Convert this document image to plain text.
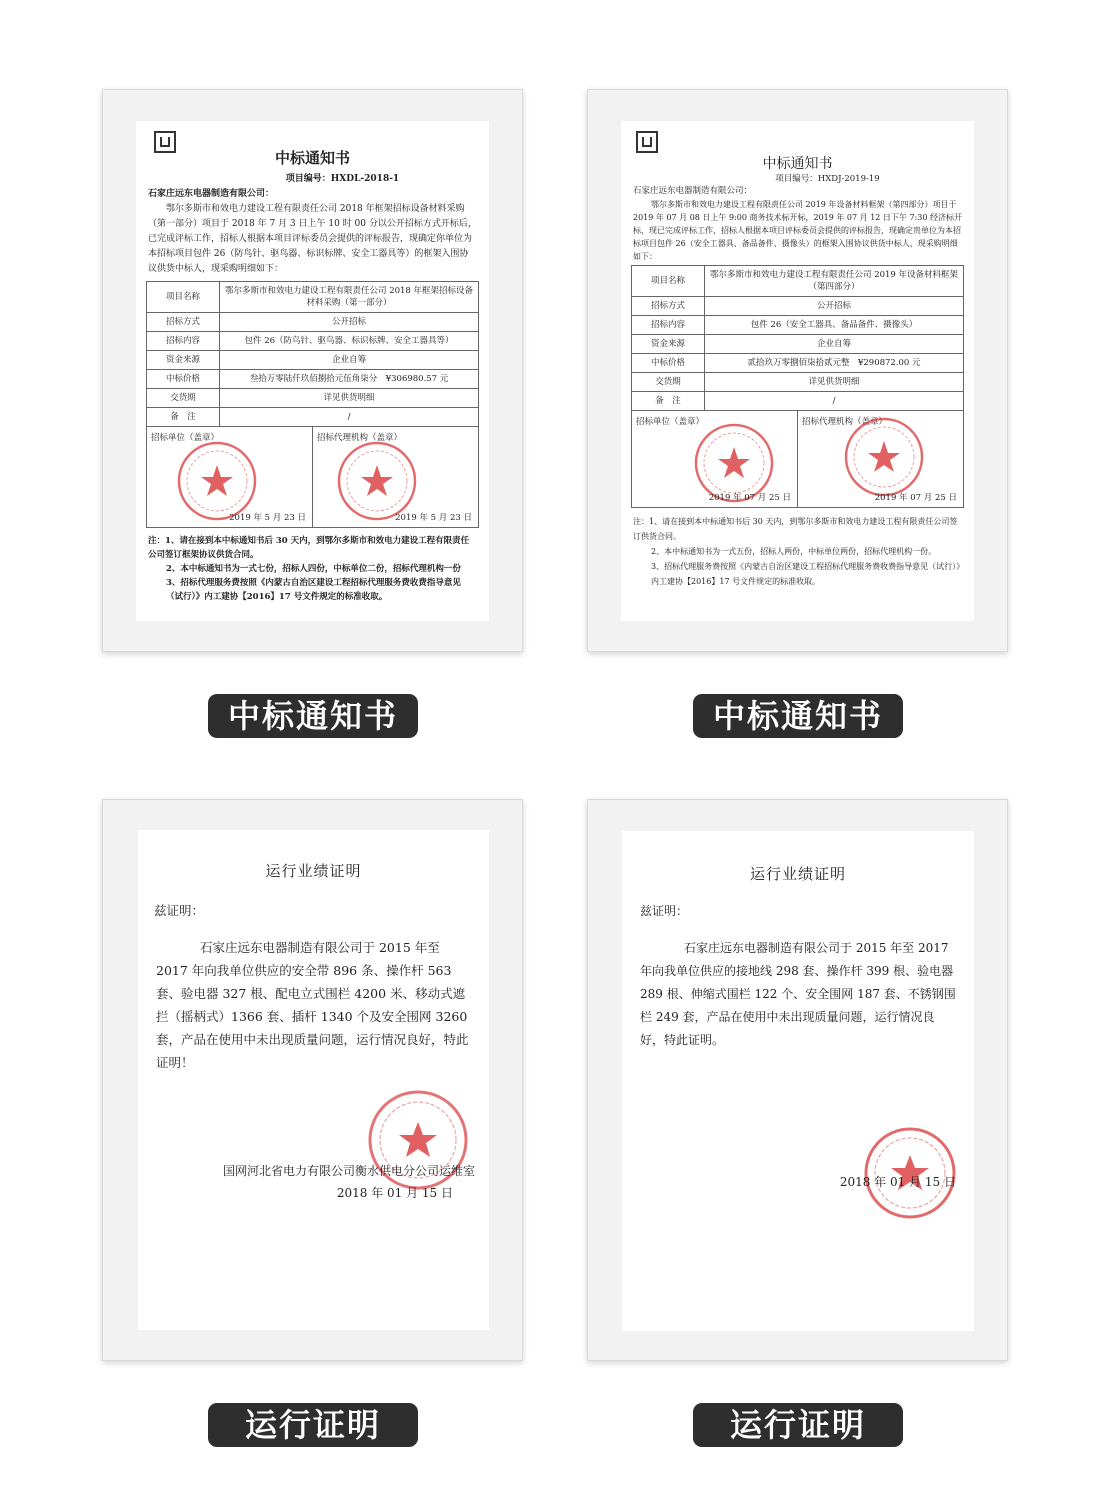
中标通知书
项目编号：HXDL-2018-1
石家庄远东电器制造有限公司：
鄂尔多斯市和效电力建设工程有限责任公司 2018 年框架招标设备材料采购（第一部分）项目于 2018 年 7 月 3 日上午 10 时 00 分以公开招标方式开标后，已完成评标工作，招标人根据本项目评标委员会提供的评标报告，现确定你单位为本招标项目包件 26（防鸟针、驱鸟器、标识标牌、安全工器具等）的框架入围协议供货中标人，现采购明细如下：
项目名称	鄂尔多斯市和效电力建设工程有限责任公司 2018 年框架招标设备材料采购（第一部分）
招标方式	公开招标
招标内容	包件 26（防鸟针、驱鸟器、标识标牌、安全工器具等）
资金来源	企业自筹
中标价格	叁拾万零陆仟玖佰捌拾元伍角柒分　¥306980.57 元
交货期	详见供货明细
备　注	/
招标单位（盖章）
2019 年 5 月 23 日
招标代理机构（盖章）
2019 年 5 月 23 日
注：1、请在接到本中标通知书后 30 天内，到鄂尔多斯市和效电力建设工程有限责任公司签订框架协议供货合同。
2、本中标通知书为一式七份，招标人四份，中标单位二份，招标代理机构一份
3、招标代理服务费按照《内蒙古自治区建设工程招标代理服务费收费指导意见（试行）》内工建协【2016】17 号文件规定的标准收取。
中标通知书
项目编号：HXDJ-2019-19
石家庄远东电器制造有限公司：
鄂尔多斯市和效电力建设工程有限责任公司 2019 年设备材料框架（第四部分）项目于 2019 年 07 月 08 日上午 9:00 商务技术标开标，2019 年 07 月 12 日下午 7:30 经济标开标，现已完成评标工作，招标人根据本项目评标委员会提供的评标报告，现确定贵单位为本招标项目包件 26（安全工器具、备品备件、摄像头）的框架入围协议供货中标人，现采购明细如下：
项目名称	鄂尔多斯市和效电力建设工程有限责任公司 2019 年设备材料框架（第四部分）
招标方式	公开招标
招标内容	包件 26（安全工器具、备品备件、摄像头）
资金来源	企业自筹
中标价格	贰拾玖万零捌佰柒拾贰元整　¥290872.00 元
交货期	详见供货明细
备　注	/
招标单位（盖章）
2019 年 07 月 25 日
招标代理机构（盖章）
2019 年 07 月 25 日
注：1、请在接到本中标通知书后 30 天内，到鄂尔多斯市和效电力建设工程有限责任公司签订供货合同。
2、本中标通知书为一式五份，招标人两份，中标单位两份，招标代理机构一份。
3、招标代理服务费按照《内蒙古自治区建设工程招标代理服务费收费指导意见（试行）》内工建协【2016】17 号文件规定的标准收取。
中标通知书	中标通知书
运行业绩证明
兹证明：
石家庄远东电器制造有限公司于 2015 年至 2017 年向我单位供应的安全带 896 条、操作杆 563 套、验电器 327 根、配电立式围栏 4200 米、移动式遮拦（摇柄式）1366 套、插杆 1340 个及安全围网 3260 套，产品在使用中未出现质量问题，运行情况良好，特此证明！
国网河北省电力有限公司衡水供电分公司运维室
2018 年 01 月 15 日
运行业绩证明
兹证明：
石家庄远东电器制造有限公司于 2015 年至 2017 年向我单位供应的接地线 298 套、操作杆 399 根、验电器 289 根、伸缩式围栏 122 个、安全围网 187 套、不锈钢围栏 249 套，产品在使用中未出现质量问题，运行情况良好，特此证明。
2018 年 01 月 15 日
运行证明	运行证明
